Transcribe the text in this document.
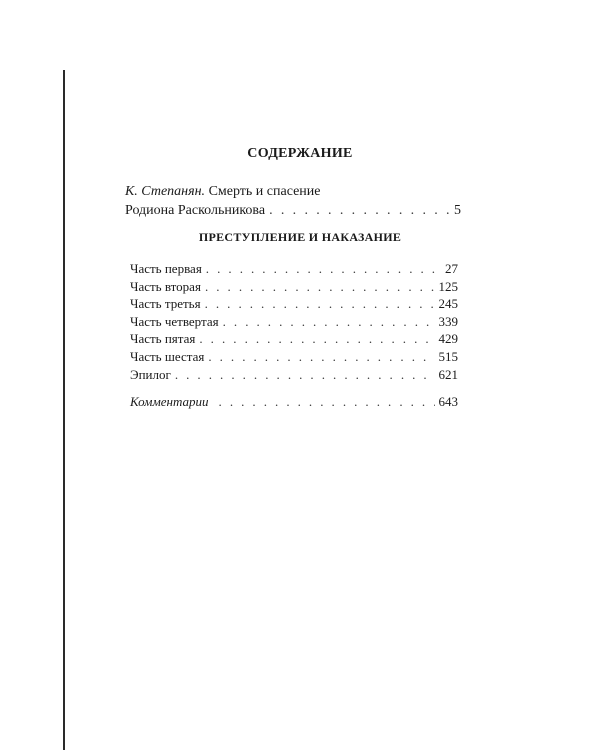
СОДЕРЖАНИЕ
К. Степанян. Смерть и спасение
Родиона Раскольникова . . .	5
ПРЕСТУПЛЕНИЕ И НАКАЗАНИЕ
Часть первая . . .	27
Часть вторая . . .	125
Часть третья . . .	245
Часть четвертая . . .	339
Часть пятая . . .	429
Часть шестая . . .	515
Эпилог . . .	621
Комментарии . . .	643
